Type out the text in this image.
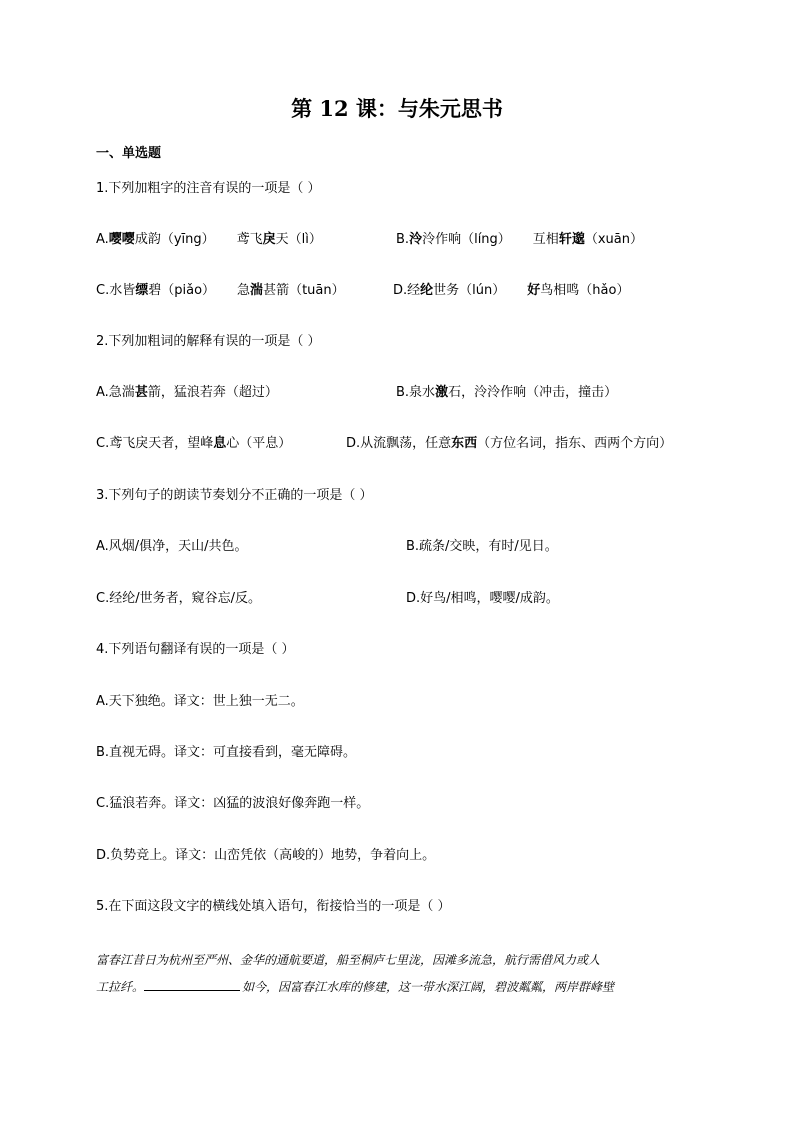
第 12 课：与朱元思书
一、单选题
1.下列加粗字的注音有误的一项是（ ）
A.嘤嘤成韵（yīng） 鸢飞戾天（lì）	B.泠泠作响（líng） 互相轩邈（xuān）
C.水皆缥碧（piǎo） 急湍甚箭（tuān）	D.经纶世务（lún） 好鸟相鸣（hǎo）
2.下列加粗词的解释有误的一项是（ ）
A.急湍甚箭，猛浪若奔（超过）	B.泉水激石，泠泠作响（冲击，撞击）
C.鸢飞戾天者，望峰息心（平息）	D.从流飘荡，任意东西（方位名词，指东、西两个方向）
3.下列句子的朗读节奏划分不正确的一项是（ ）
A.风烟/俱净，天山/共色。	B.疏条/交映，有时/见日。
C.经纶/世务者，窥谷忘/反。	D.好鸟/相鸣，嘤嘤/成韵。
4.下列语句翻译有误的一项是（ ）
A.天下独绝。译文：世上独一无二。
B.直视无碍。译文：可直接看到，毫无障碍。
C.猛浪若奔。译文：凶猛的波浪好像奔跑一样。
D.负势竞上。译文：山峦凭依（高峻的）地势，争着向上。
5.在下面这段文字的横线处填入语句，衔接恰当的一项是（ ）
富春江昔日为杭州至严州、金华的通航要道，船至桐庐七里泷，因滩多流急，航行需借风力或人
工拉纤。	如今，因富春江水库的修建，这一带水深江阔，碧波粼粼，两岸群峰壁
